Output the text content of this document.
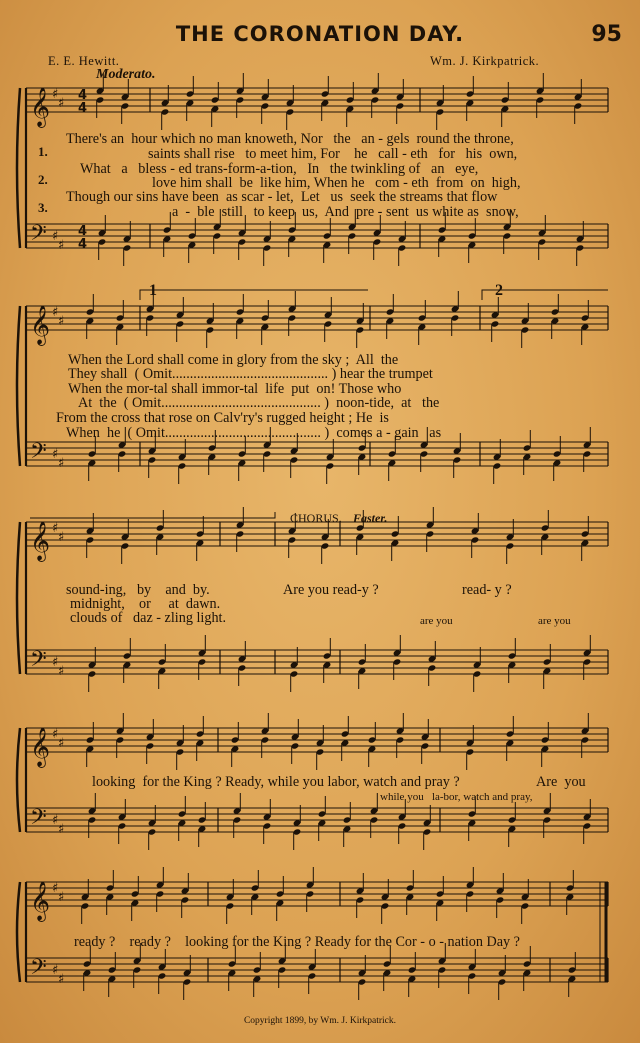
𝄞
𝄢
♯
♯
♯
♯
4
4
4
4
𝄞
𝄢
♯
♯
♯
♯
𝄞
𝄢
♯
♯
♯
♯
𝄞
𝄢
♯
♯
♯
♯
𝄞
𝄢
♯
♯
♯
♯
THE CORONATION DAY.	95
E. E. Hewitt.	Wm. J. Kirkpatrick.
Moderato.
1.
2.
3.
There's an  hour which no man knoweth, Nor   the   an - gels  round the throne,
saints shall rise   to meet him, For    he   call - eth   for   his  own,
What   a   bless - ed trans-form-a-tion,   In   the twinkling of   an   eye,
love him shall  be  like him, When he   com - eth  from  on  high,
Though our sins have been  as scar - let,  Let   us  seek the streams that flow
a  -  ble  still   to keep  us,  And  pre - sent  us white as  snow,
1	2
When the Lord shall come in glory from the sky ;  All  the
They shall  ( Omit............................................ ) hear the trumpet
When the mor-tal shall immor-tal  life  put  on! Those who
At  the  ( Omit............................................. )  noon-tide,  at   the
From the cross that rose on Calv'ry's rugged height ; He  is
When  he  ( Omit............................................ )  comes a - gain   as
CHORUS. Faster.
sound-ing,   by    and  by.
midnight,    or     at  dawn.
clouds of   daz - zling light.
Are you read-y ?	read- y ?
are you	are you
looking  for the King ? Ready, while you labor, watch and pray ?	Are  you
while you   la-bor, watch and pray,
ready ?    ready ?    looking for the King ? Ready for the Cor - o - nation Day ?
Copyright 1899, by Wm. J. Kirkpatrick.
